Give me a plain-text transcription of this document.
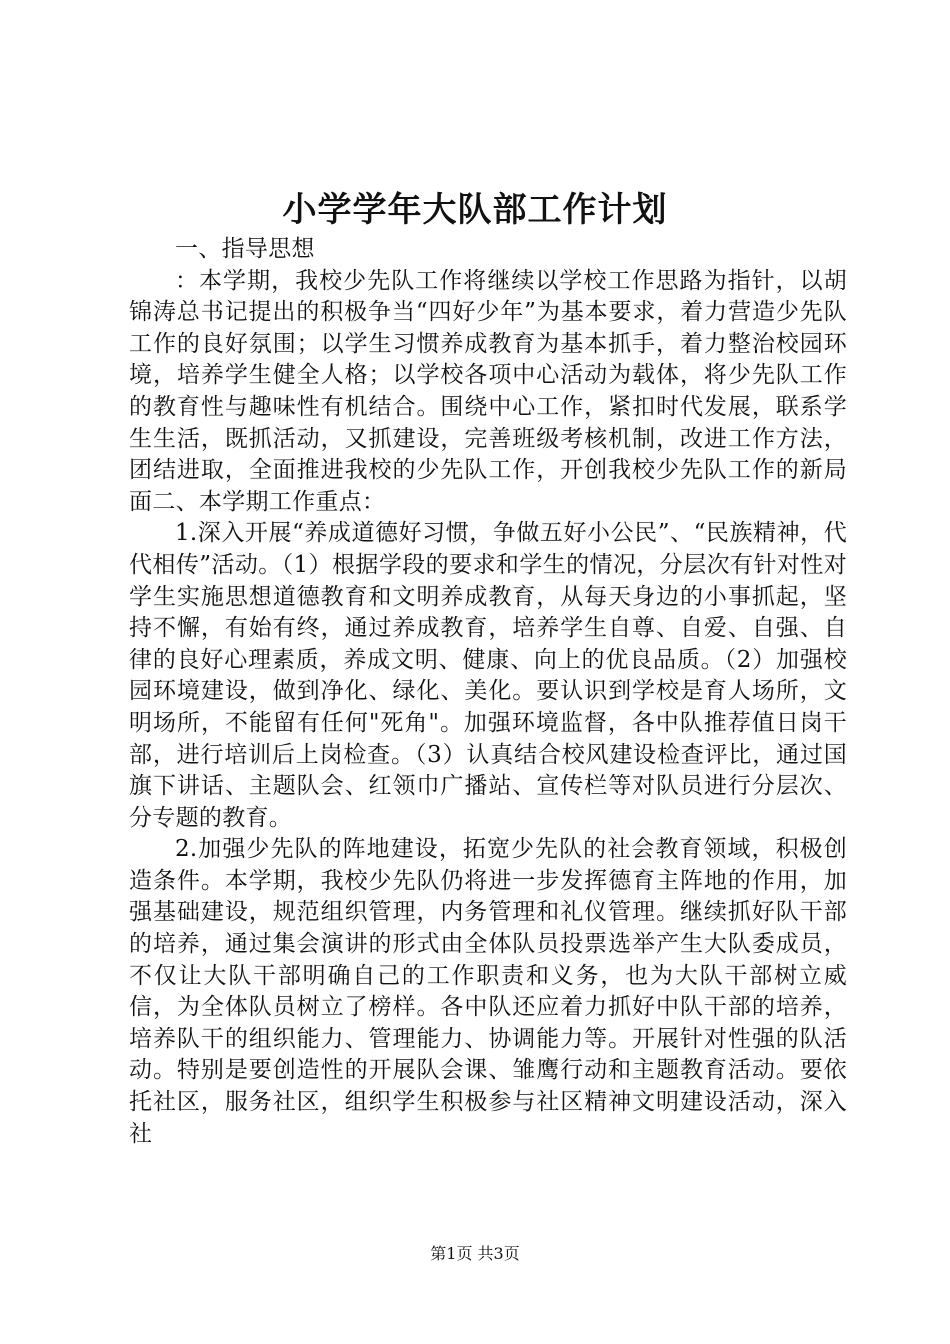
小学学年大队部工作计划

一、指导思想

：本学期，我校少先队工作将继续以学校工作思路为指针，以胡锦涛总书记提出的积极争当“四好少年”为基本要求，着力营造少先队工作的良好氛围；以学生习惯养成教育为基本抓手，着力整治校园环境，培养学生健全人格；以学校各项中心活动为载体，将少先队工作的教育性与趣味性有机结合。围绕中心工作，紧扣时代发展，联系学生生活，既抓活动，又抓建设，完善班级考核机制，改进工作方法，团结进取，全面推进我校的少先队工作，开创我校少先队工作的新局面二、本学期工作重点：

1.深入开展“养成道德好习惯，争做五好小公民”、“民族精神，代代相传”活动。（1）根据学段的要求和学生的情况，分层次有针对性对学生实施思想道德教育和文明养成教育，从每天身边的小事抓起，坚持不懈，有始有终，通过养成教育，培养学生自尊、自爱、自强、自律的良好心理素质，养成文明、健康、向上的优良品质。（2）加强校园环境建设，做到净化、绿化、美化。要认识到学校是育人场所，文明场所，不能留有任何"死角"。加强环境监督，各中队推荐值日岗干部，进行培训后上岗检查。（3）认真结合校风建设检查评比，通过国旗下讲话、主题队会、红领巾广播站、宣传栏等对队员进行分层次、分专题的教育。

2.加强少先队的阵地建设，拓宽少先队的社会教育领域，积极创造条件。本学期，我校少先队仍将进一步发挥德育主阵地的作用，加强基础建设，规范组织管理，内务管理和礼仪管理。继续抓好队干部的培养，通过集会演讲的形式由全体队员投票选举产生大队委成员，不仅让大队干部明确自己的工作职责和义务，也为大队干部树立威信，为全体队员树立了榜样。各中队还应着力抓好中队干部的培养，培养队干的组织能力、管理能力、协调能力等。开展针对性强的队活动。特别是要创造性的开展队会课、雏鹰行动和主题教育活动。要依托社区，服务社区，组织学生积极参与社区精神文明建设活动，深入社

第1页 共3页
